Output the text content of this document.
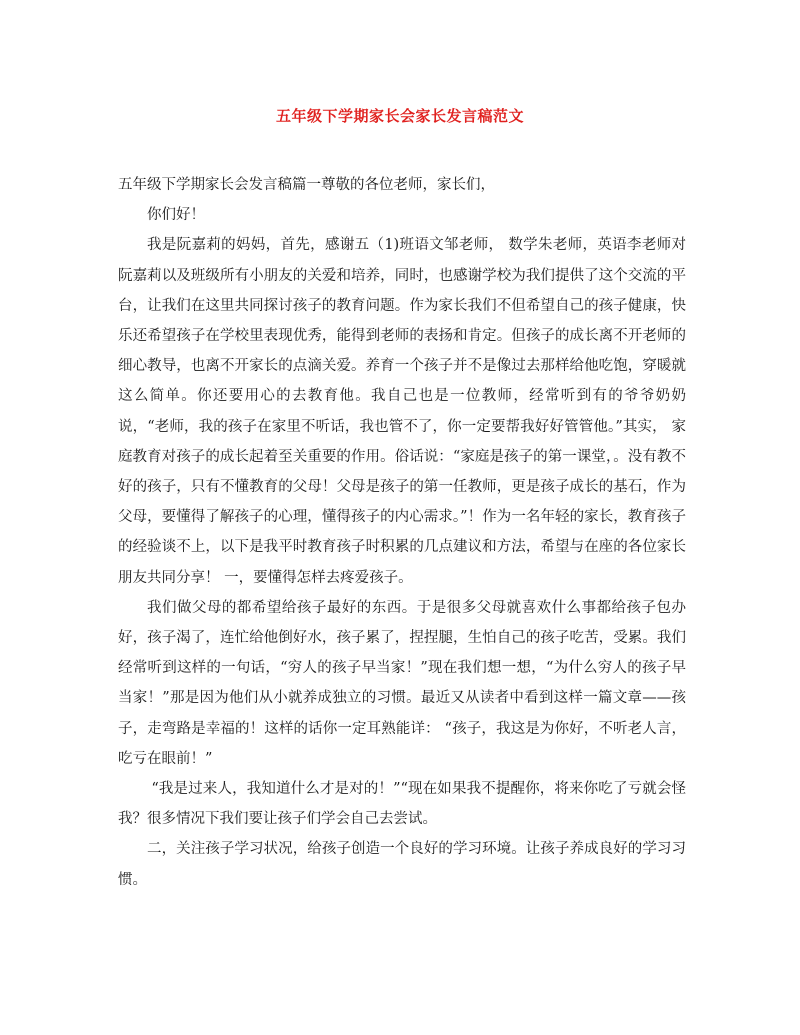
五年级下学期家长会家长发言稿范文

五年级下学期家长会发言稿篇一尊敬的各位老师，家长们，

你们好！

我是阮嘉莉的妈妈，首先，感谢五（1)班语文邹老师， 数学朱老师，英语李老师对阮嘉莉以及班级所有小朋友的关爱和培养，同时，也感谢学校为我们提供了这个交流的平台，让我们在这里共同探讨孩子的教育问题。作为家长我们不但希望自己的孩子健康，快乐还希望孩子在学校里表现优秀，能得到老师的表扬和肯定。但孩子的成长离不开老师的细心教导，也离不开家长的点滴关爱。养育一个孩子并不是像过去那样给他吃饱，穿暖就这么简单。你还要用心的去教育他。我自己也是一位教师，经常听到有的爷爷奶奶说，“老师，我的孩子在家里不听话，我也管不了，你一定要帮我好好管管他。”其实， 家庭教育对孩子的成长起着至关重要的作用。俗话说：“家庭是孩子的第一课堂，。没有教不好的孩子，只有不懂教育的父母！父母是孩子的第一任教师，更是孩子成长的基石，作为父母，要懂得了解孩子的心理，懂得孩子的内心需求。”！作为一名年轻的家长，教育孩子的经验谈不上，以下是我平时教育孩子时积累的几点建议和方法，希望与在座的各位家长朋友共同分享！ 一，要懂得怎样去疼爱孩子。

我们做父母的都希望给孩子最好的东西。于是很多父母就喜欢什么事都给孩子包办好，孩子渴了，连忙给他倒好水，孩子累了，捏捏腿，生怕自己的孩子吃苦，受累。我们经常听到这样的一句话，“穷人的孩子早当家！”现在我们想一想，“为什么穷人的孩子早当家！”那是因为他们从小就养成独立的习惯。最近又从读者中看到这样一篇文章——孩子，走弯路是幸福的！这样的话你一定耳熟能详： “孩子，我这是为你好，不听老人言，吃亏在眼前！”

“我是过来人，我知道什么才是对的！”“现在如果我不提醒你，将来你吃了亏就会怪我？很多情况下我们要让孩子们学会自己去尝试。

二，关注孩子学习状况，给孩子创造一个良好的学习环境。让孩子养成良好的学习习惯。
